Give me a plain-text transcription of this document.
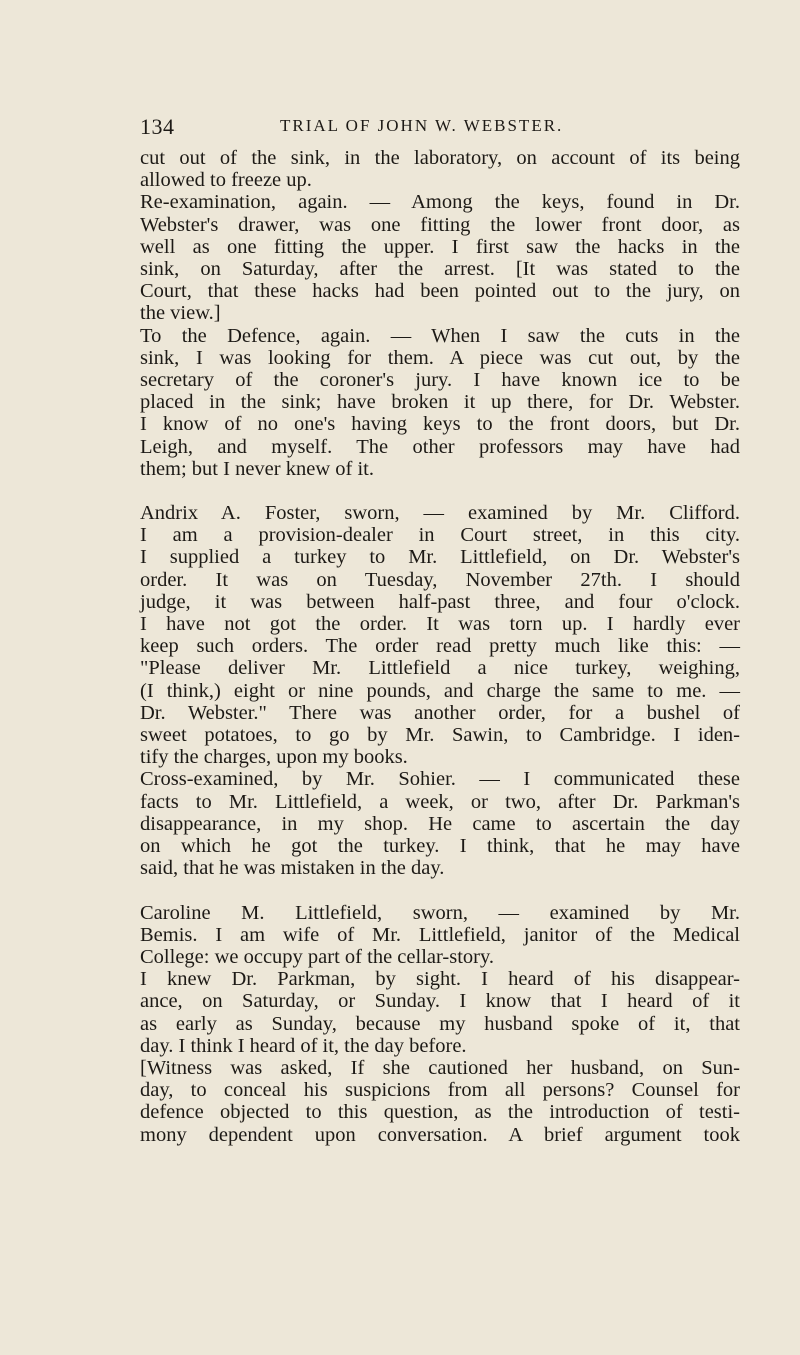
134	TRIAL OF JOHN W. WEBSTER.

cut out of the sink, in the laboratory, on account of its being

allowed to freeze up.

Re-examination, again. — Among the keys, found in Dr.

Webster's drawer, was one fitting the lower front door, as

well as one fitting the upper. I first saw the hacks in the

sink, on Saturday, after the arrest. [It was stated to the

Court, that these hacks had been pointed out to the jury, on

the view.]

To the Defence, again. — When I saw the cuts in the

sink, I was looking for them. A piece was cut out, by the

secretary of the coroner's jury. I have known ice to be

placed in the sink; have broken it up there, for Dr. Webster.

I know of no one's having keys to the front doors, but Dr.

Leigh, and myself. The other professors may have had

them; but I never knew of it.

Andrix A. Foster, sworn, — examined by Mr. Clifford.

I am a provision-dealer in Court street, in this city.

I supplied a turkey to Mr. Littlefield, on Dr. Webster's

order. It was on Tuesday, November 27th. I should

judge, it was between half-past three, and four o'clock.

I have not got the order. It was torn up. I hardly ever

keep such orders. The order read pretty much like this: —

"Please deliver Mr. Littlefield a nice turkey, weighing,

(I think,) eight or nine pounds, and charge the same to me. —

Dr. Webster." There was another order, for a bushel of

sweet potatoes, to go by Mr. Sawin, to Cambridge. I iden-

tify the charges, upon my books.

Cross-examined, by Mr. Sohier. — I communicated these

facts to Mr. Littlefield, a week, or two, after Dr. Parkman's

disappearance, in my shop. He came to ascertain the day

on which he got the turkey. I think, that he may have

said, that he was mistaken in the day.

Caroline M. Littlefield, sworn, — examined by Mr.

Bemis. I am wife of Mr. Littlefield, janitor of the Medical

College: we occupy part of the cellar-story.

I knew Dr. Parkman, by sight. I heard of his disappear-

ance, on Saturday, or Sunday. I know that I heard of it

as early as Sunday, because my husband spoke of it, that

day. I think I heard of it, the day before.

[Witness was asked, If she cautioned her husband, on Sun-

day, to conceal his suspicions from all persons? Counsel for

defence objected to this question, as the introduction of testi-

mony dependent upon conversation. A brief argument took
